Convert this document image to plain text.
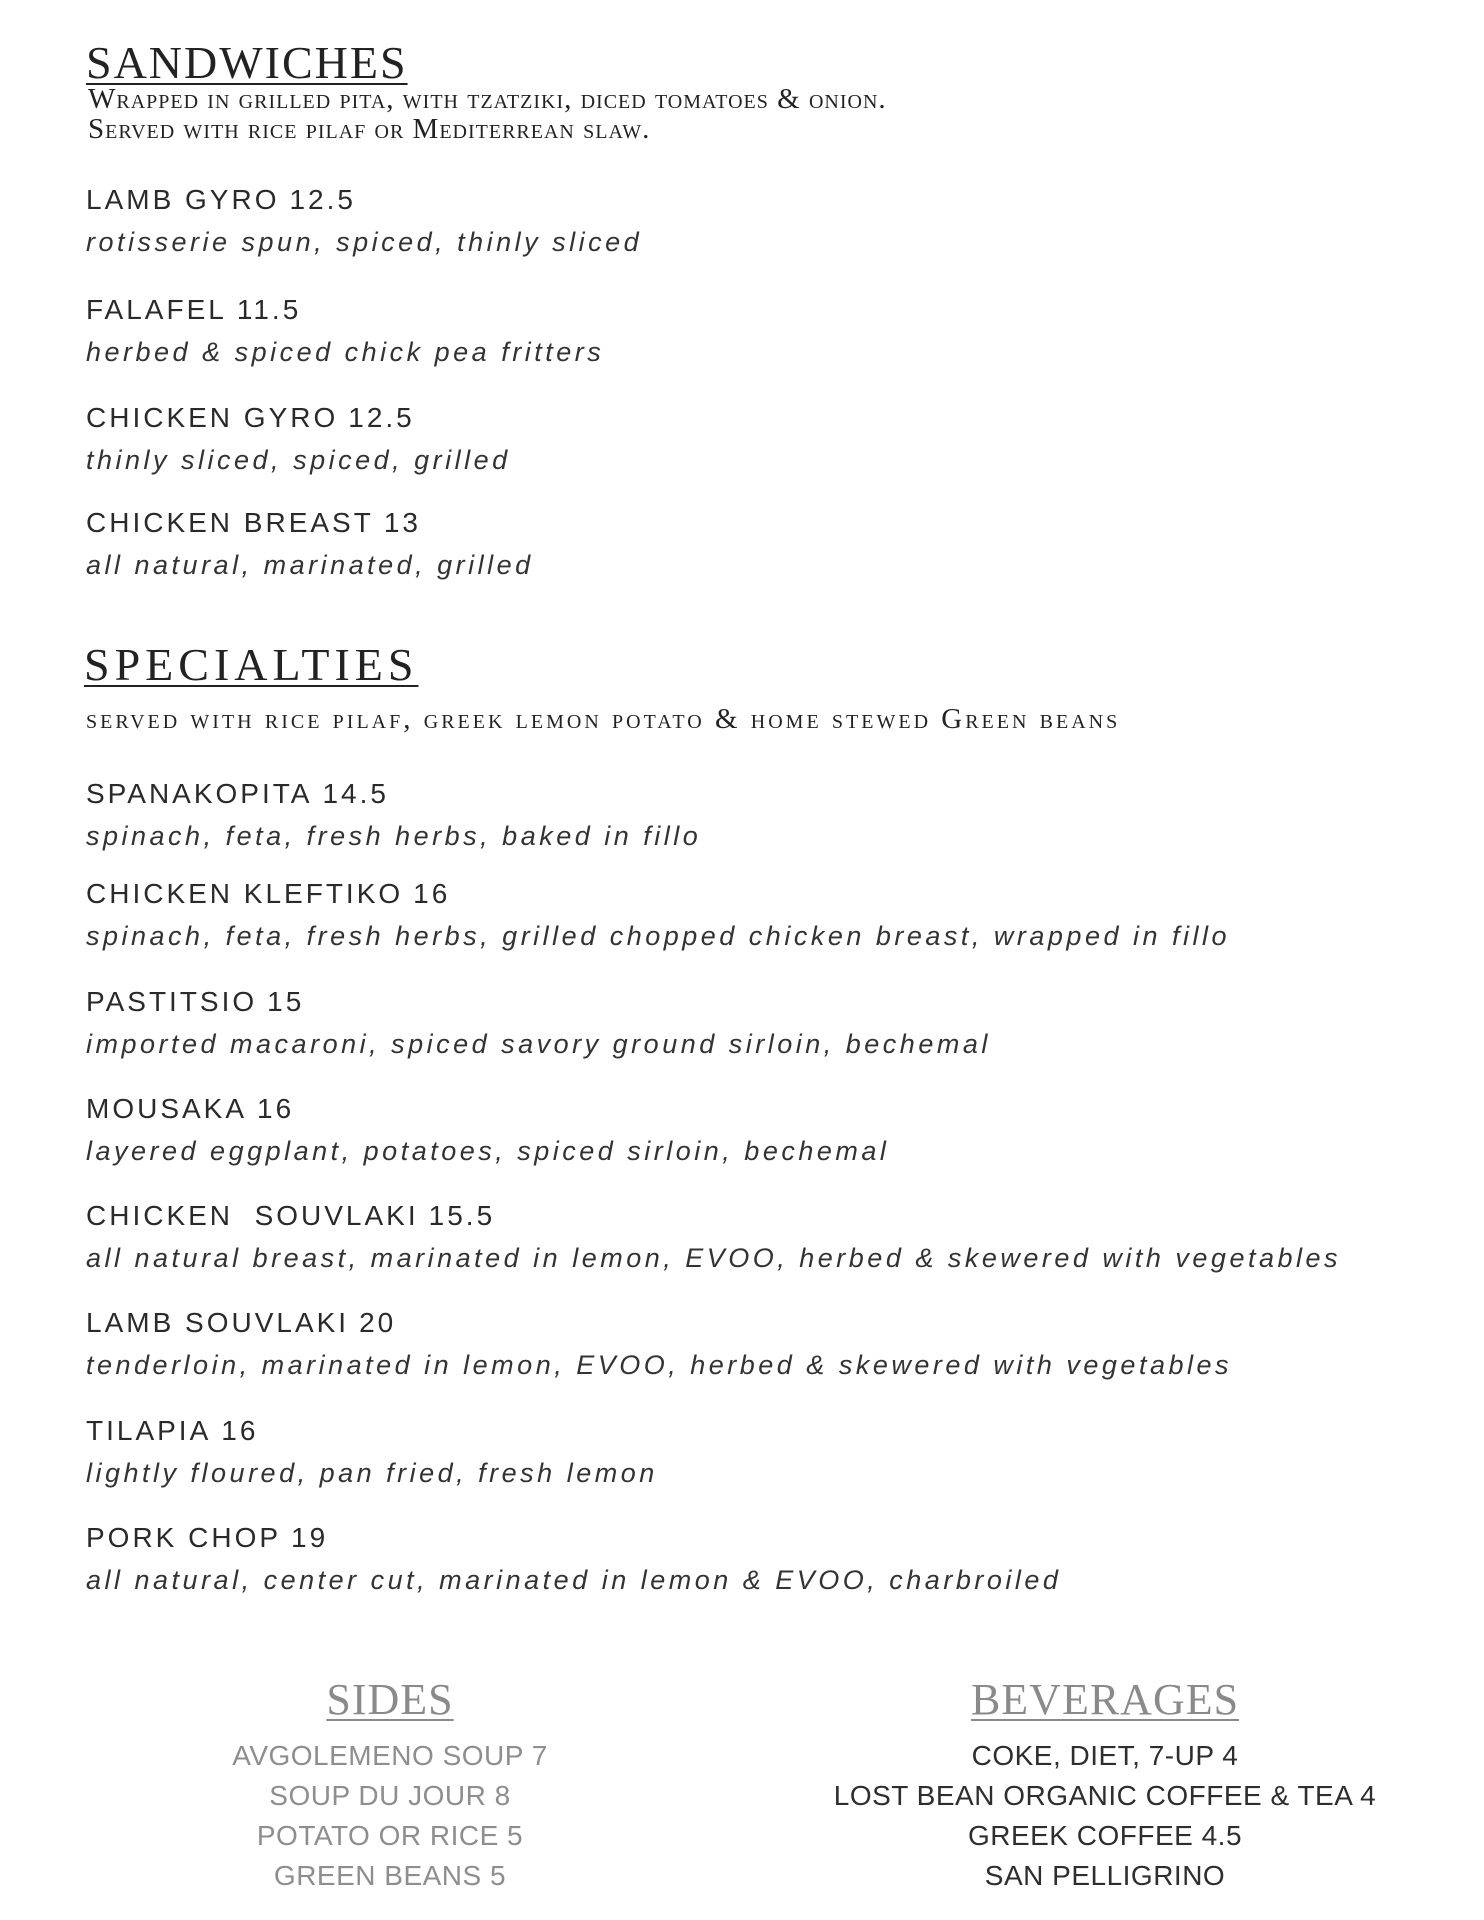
SANDWICHES
Wrapped in grilled pita, with tzatziki, diced tomatoes & onion.
Served with rice pilaf or Mediterrean slaw.
LAMB GYRO 12.5
rotisserie spun, spiced, thinly sliced
FALAFEL 11.5
herbed & spiced chick pea fritters
CHICKEN GYRO 12.5
thinly sliced, spiced, grilled
CHICKEN BREAST 13
all natural, marinated, grilled
SPECIALTIES
served with rice pilaf, greek lemon potato & home stewed Green beans
SPANAKOPITA 14.5
spinach, feta, fresh herbs, baked in fillo
CHICKEN KLEFTIKO 16
spinach, feta, fresh herbs, grilled chopped chicken breast, wrapped in fillo
PASTITSIO 15
imported macaroni, spiced savory ground sirloin, bechemal
MOUSAKA 16
layered eggplant, potatoes, spiced sirloin, bechemal
CHICKEN  SOUVLAKI 15.5
all natural breast, marinated in lemon, EVOO, herbed & skewered with vegetables
LAMB SOUVLAKI 20
tenderloin, marinated in lemon, EVOO, herbed & skewered with vegetables
TILAPIA 16
lightly floured, pan fried, fresh lemon
PORK CHOP 19
all natural, center cut, marinated in lemon & EVOO, charbroiled
SIDES
AVGOLEMENO SOUP 7
SOUP DU JOUR 8
POTATO OR RICE 5
GREEN BEANS 5
BEVERAGES
COKE, DIET, 7-UP 4
LOST BEAN ORGANIC COFFEE & TEA 4
GREEK COFFEE 4.5
SAN PELLIGRINO
